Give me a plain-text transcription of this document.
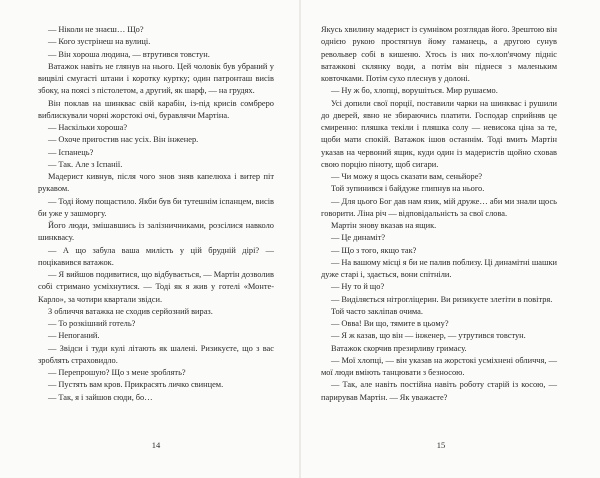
— Ніколи не знаєш… Що?

— Кого зустрінеш на вулиці.

— Він хороша людина, — втрутився товстун.

Ватажок навіть не глянув на нього. Цей чоловік був убраний у вицвілі смугасті штани і коротку куртку; один патронташ висів збоку, на поясі з пістолетом, а другий, як шарф, — на грудях.

Він поклав на шинквас свій карабін, із-під крисів сомбреро виблискували чорні жорстокі очі, буравлячи Мартіна.

— Наскільки хороша?

— Охоче пригостив нас усіх. Він інженер.

— Іспанець?

— Так. Але з Іспанії.

Мадерист кивнув, після чого знов зняв капелюха і витер піт рукавом.

— Тоді йому пощастило. Якби був би тутешнім іспанцем, висів би уже у зашморгу.

Його люди, змішавшись із залізничниками, розсілися навколо шинквасу.

— А що забула ваша милість у цій брудній дірі? — поцікавився ватажок.

— Я вийшов подивитися, що відбувається, — Мартін дозволив собі стримано усміхнутися. — Тоді як я жив у готелі «Монте-Карло», за чотири квартали звідси.

З обличчя ватажка не сходив серйозний вираз.

— То розкішний готель?

— Непоганий.

— Звідси і туди кулі літають як шалені. Ризикуєте, що з вас зроблять страховидло.

— Перепрошую? Що з мене зроблять?

— Пустять вам кров. Прикрасять личко свинцем.

— Так, я і зайшов сюди, бо…

Якусь хвилину мадерист із сумнівом розглядав його. Зрештою він однією рукою простягнув йому гаманець, а другою сунув револьвер собі в кишеню. Хтось із них по-хлоп'ячому підніс ватажкові склянку води, а потім він піднеся з маленьким ковточками. Потім сухо плеснув у долоні.

— Ну ж бо, хлопці, ворушіться. Мир рушаємо.

Усі допили свої порції, поставили чарки на шинквас і рушили до дверей, явно не збираючись платити. Господар сприйняв це смиренно: пляшка текіли і пляшка солу — невисока ціна за те, щоби мати спокій. Ватажок ішов останнім. Тоді вмить Мартін указав на червоний ящик, куди один із мадеристів щойно сховав свою порцію піноту, щоб сигари.

— Чи можу я щось сказати вам, сеньйоре?

Той зупинився і байдуже глипнув на нього.

— Для цього Бог дав нам язик, мій друже… аби ми знали щось говорити. Ліна річ — відповідальність за свої слова.

Мартін знову вказав на ящик.

— Це динаміт?

— Що з того, якщо так?

— На вашому місці я би не палив поблизу. Ці динамітні шашки дуже старі і, здається, вони спітніли.

— Ну то й що?

— Виділяється нітрогліцерин. Ви ризикуєте злетіти в повітря.

Той часто закліпав очима.

— Овва! Ви що, тямите в цьому?

— Я ж казав, що він — інженер, — утрутився товстун.

Ватажок скорчив презирливу гримасу.

— Мої хлопці, — він указав на жорстокі усміхнені обличчя, — мої люди вміють танцювати з безносою.

— Так, але навіть постійна навіть роботу старій із косою, — парирував Мартін. — Як уважаєте?

14	15
